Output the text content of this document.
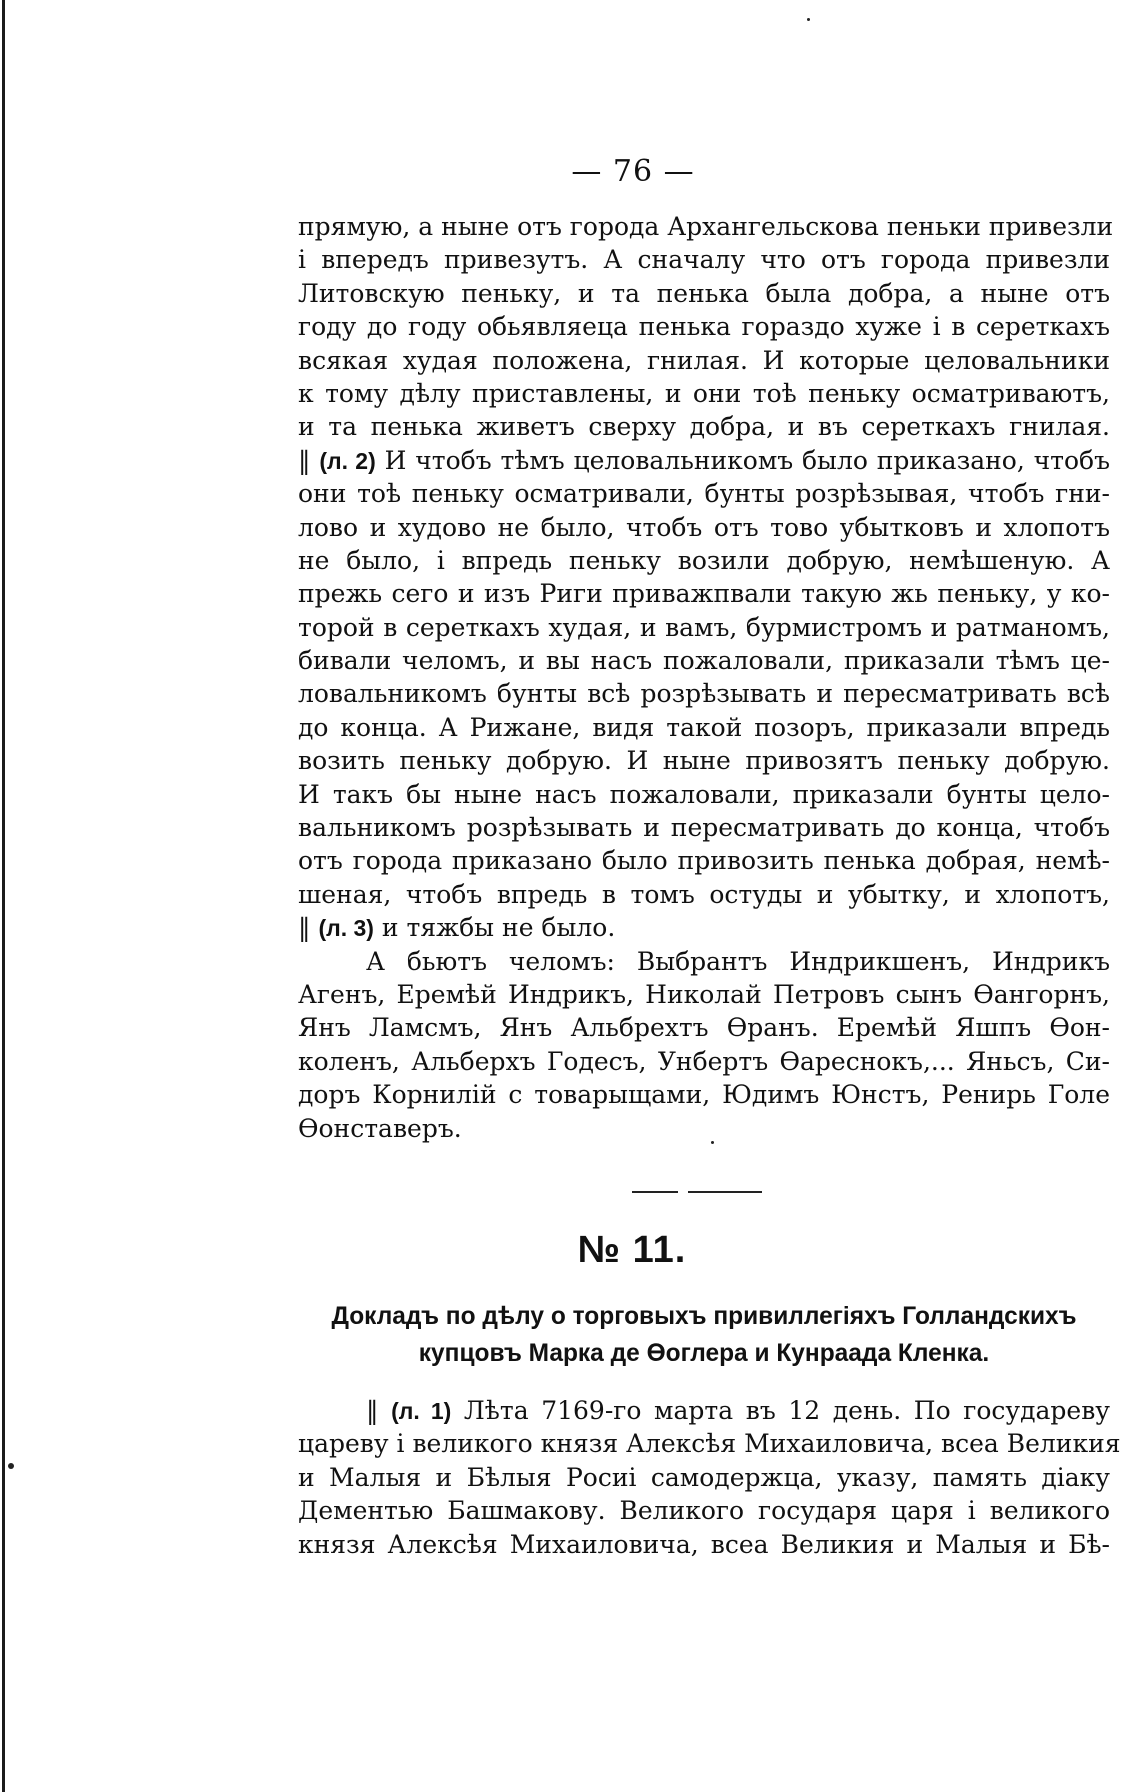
— 76 —
прямую, а ныне отъ города Архангельскова пеньки привезли
і впередъ привезутъ. А сначалу что отъ города привезли
Литовскую пеньку, и та пенька была добра, а ныне отъ
году до году обьявляеца пенька гораздо хуже і в сереткахъ
всякая худая положена, гнилая. И которые целовальники
к тому дѣлу приставлены, и они тоѣ пеньку осматриваютъ,
и та пенька живетъ сверху добра, и въ сереткахъ гнилая.
‖ (л. 2) И чтобъ тѣмъ целовальникомъ было приказано, чтобъ
они тоѣ пеньку осматривали, бунты розрѣзывая, чтобъ гни-
лово и худово не было, чтобъ отъ тово убытковъ и хлопотъ
не было, і впредь пеньку возили добрую, немѣшеную. А
прежь сего и изъ Риги приважпвали такую жь пеньку, у ко-
торой в сереткахъ худая, и вамъ, бурмистромъ и ратманомъ,
бивали челомъ, и вы насъ пожаловали, приказали тѣмъ це-
ловальникомъ бунты всѣ розрѣзывать и пересматривать всѣ
до конца. А Рижане, видя такой позоръ, приказали впредь
возить пеньку добрую. И ныне привозятъ пеньку добрую.
И такъ бы ныне насъ пожаловали, приказали бунты цело-
вальникомъ розрѣзывать и пересматривать до конца, чтобъ
отъ города приказано было привозить пенька добрая, немѣ-
шеная, чтобъ впредь в томъ остуды и убытку, и хлопотъ,
‖ (л. 3) и тяжбы не было.
А бьютъ челомъ: Выбрантъ Индрикшенъ, Индрикъ
Агенъ, Еремѣй Индрикъ, Николай Петровъ сынъ Өангорнъ,
Янъ Ламсмъ, Янъ Альбрехтъ Өранъ. Еремѣй Яшпъ Өон-
коленъ, Альберхъ Годесъ, Унбертъ Өареснокъ,... Яньсъ, Си-
доръ Корнилiй с товарыщами, Юдимъ Юнстъ, Ренирь Голе
Өонставеръ.
№ 11.
Докладъ по дѣлу о торговыхъ привиллегіяхъ Голландскихъ
купцовъ Марка де Өоглера и Кунраада Кленка.
‖ (л. 1) Лѣта 7169-го марта въ 12 день. По государеву
цареву і великого князя Алексѣя Михаиловича, всеа Великия
и Малыя и Бѣлыя Росиі самодержца, указу, память діаку
Дементью Башмакову. Великого государя царя і великого
князя Алексѣя Михаиловича, всеа Великия и Малыя и Бѣ-
